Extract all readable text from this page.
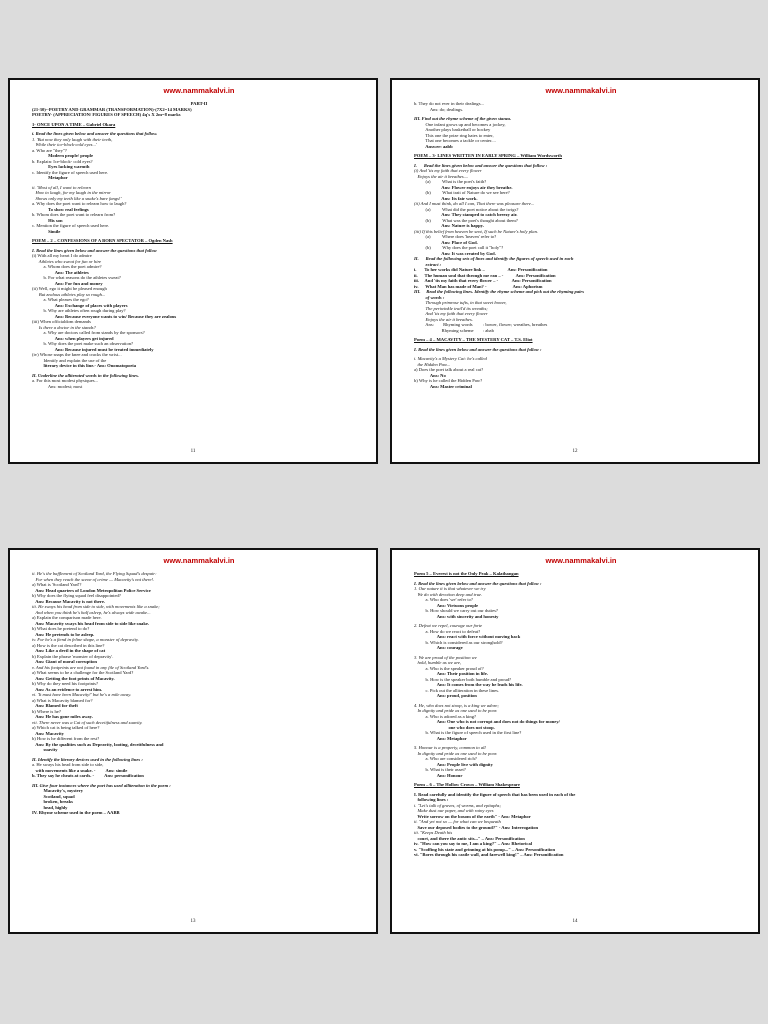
www.nammakalvi.in
PART-II
(21-30)--POETRY AND GRAMMAR (TRANSFORMATION)-(7X2=14 MARKS)
POETRY- (APPRECIATION/ FIGURES OF SPEECH) 4q's X 2m=8 marks
1- ONCE UPON A TIME – Gabriel Okara
i. Read the lines given below and answer the questions that follow.
1. 'But now they only laugh with their teeth,
While their ice-block-cold eyes...'
a. Who are "they"?
Modern people/ people
b. Explain: Ice-block- cold eyes?
Eyes lacking warmth
c. Identify the figure of speech used here.
Metaphor
ii. 'Most of all, I want to relearn
How to laugh, for my laugh in the mirror
Shows only my teeth like a snake's bare fangs!'
a. Why does the poet want to relearn how to laugh?
To show real feelings
b. Whom does the poet want to relearn from?
His son
c. Mention the figure of speech used here.
Simile
POEM – 2 – CONFESSIONS OF A BORN SPECTATOR – Ogden Nash
I. Read the lines given below and answer the questions that follow
(i) With all my heart I do admire
Athletes who sweat for fun or hire
a. Whom does the poet admire?
Ans: The athletes
b. For what reasons do the athletes sweat?
Ans: For fun and money
(ii) Well, ego it might be pleased enough
But zealous athletes play so rough...
a. What pleases the ego?
Ans: Exchange of places with players
b. Why are athletes often rough during play?
Ans: Because everyone wants to win/ Because they are zealous
(iii) When officialdom demands
Is there a doctor in the stands?
a. Why are doctors called from stands by the sponsors?
Ans: when players get injured
b. Why does the poet make such an observation?
Ans: Because injured must be treated immediately
(iv) Whose snaps the knee and cracks the wrist...
Identify and explain the use of the
literary device in this line.- Ans: Onomatopoeia
II. Underline the alliterated words in the following lines.
a. For this most modest physiques...
Ans: modest; most
11
www.nammakalvi.in
b. They do not ever in their dealings...
Ans: do; dealings.
III. Find out the rhyme scheme of the given stanza.
One infant grows up and becomes a jockey,
Another plays basketball or hockey
This one the prize ring hates to enter,
That one becomes a tackle or center....
Answer: aabb
POEM – 3- LINES WRITTEN IN EARLY SPRING – William Wordsworth
I.      Read the lines given below and answer the questions that follow :
(i) And 'tis my faith that every flower
Enjoys the air it breathes....
(a)          What is the poet's faith?
Ans: Flower enjoys air they breathe.
(b)          What trait of Nature do we see here?
Ans: Its fair work.
(ii) And I must think, do all I can, That there was pleasure there...
(a)          What did the poet notice about the twigs?
Ans: They stamped to catch breezy air.
(b)          What was the poet's thought about them?
Ans: Nature is happy.
(iii) If this belief from heaven be sent, If such be Nature's holy plan.
(a)          Where does 'heaven' refer to?
Ans: Place of God.
(b)          Why does the poet call it "holy"?
Ans: It was created by God.
II.      Read the following sets of lines and identify the figures of speech used in each
extract :
i.       To her works did Nature link –                    Ans: Personification
ii.      The human soul that through me ran – -           Ans: Personification
iii.     And 'tis my faith that every flower – -            Ans: Personification
iv.      What Man has made of Man? -                       Ans: Aphorism
III.     Read the following lines. Identify the rhyme scheme and pick out the rhyming pairs
of words :
Through primrose tufts, in that sweet bower,
The periwinkle trail'd its wreaths;
And 'tis my faith that every flower
Enjoys the air it breathes.
Ans:        Rhyming words         : bower, flower; wreathes, breathes
Rhyming scheme        : abab
Poem – 4 – MACAVITY – THE MYSTERY CAT – T.S. Eliot
I. Read the lines given below and answer the questions that follow :
i. Macavity's a Mystery Cat: he's called
the Hidden Paw...
a) Does the poet talk about a real cat?
Ans: No
b) Why is he called the Hidden Paw?
Ans: Master criminal
12
www.nammakalvi.in
ii. He's the bafflement of Scotland Yard, the Flying Squad's despair:
For when they reach the scene of crime — Macavity's not there!.
a) What is 'Scotland Yard'?
Ans: Head quarters of London Metropolitan Police Service
b) Why does the flying squad feel disappointed?
Ans: Because Macavity is not there.
iii. He sways his head from side to side, with movements like a snake;
And when you think he's half asleep, he's always wide awake...
a) Explain the comparison made here.
Ans: Macavity sways his head from side to side like snake.
b) What does he pretend to do?
Ans: He pretends to be asleep.
iv. For he's a fiend in feline shape, a monster of depravity.
a) How is the cat described in this line?
Ans: Like a devil in the shape of cat
b) Explain the phrase 'monster of depravity'.
Ans: Giant of moral corruption
v. And his footprints are not found in any file of Scotland Yard's.
a) What seems to be a challenge for the Scotland Yard?
Ans: Getting the foot prints of Macavity.
b) Why do they need his footprints?
Ans: As an evidence to arrest him.
vi. 'It must have been Macavity!' but he's a mile away.
a) What is Macavity blamed for?
Ans: Blamed for theft
b) Where is he?
Ans: He has gone miles away.
vii. There never was a Cat of such deceitfulness and suavity.
a) Which cat is being talked of here?
Ans: Macavity
b) How is he different from the rest?
Ans: By the qualities such as Depravity, looting, deceitfulness and
suavity
II. Identify the literary devices used in the following lines :
a. He sways his head from side to side,
with movements like a snake. -         Ans: simile
b. They say he cheats at cards. -         Ans: personification
III. Give four instances where the poet has used alliteration in the poem :
Macavity's, mystery
Scotland, squad
broken, breaks
head, highly
IV. Rhyme scheme used in the poem – AABB
13
www.nammakalvi.in
Poem 5 – Everest is not the Only Peak – Kalathangan
I. Read the lines given below and answer the questions that follow :
1. Our nature it is that whatever we try
We do with devotion deep and true.
a. Who does 'we' refer to?
Ans: Virtuous people
b. How should we carry out our duties?
Ans: with sincerity and honesty
2. Defeat we repel, courage our forte
a. How do we react to defeat?
Ans: react with force without moving back
b. Which is considered as our stronghold?
Ans: courage
3. We are proud of the position we
hold, humble as we are,
a. Who is the speaker proud of?
Ans: Their position in life.
b. How is the speaker both humble and proud?
Ans: It comes from the way he leads his life.
c. Pick out the alliteration in these lines.
Ans: proud, position
4. He, who does not stoop, is a king we adore;
In dignity and pride as one used to be poor.
a. Who is adored as a king?
Ans: One who is not corrupt and does not do things for money/
one who does not stoop.
b. What is the figure of speech used in the first line?
Ans: Metaphor
5. Honour is a property, common to all
In dignity and pride as one used to be poor.
a. Who are considered rich?
Ans: People live with dignity
b. What is their asset?
Ans: Honour
Poem – 6 – The Hollow Crown – William Shakespeare
I. Read carefully and identify the figure of speech that has been used in each of the
following lines :
i. "Let's talk of graves, of worms, and epitaphs;
Make dust our paper, and with rainy eyes
Write sorrow on the bosom of the earth" - Ans: Metaphor
ii. "And yet not so — for what can we bequeath
Save our deposed bodies to the ground?" - Ans: Interrogation
iii. "Keeps Death his
court, and there the antic sits..." – Ans: Personification
iv. "How can you say to me, I am a king?" – Ans: Rhetorical
v. "Scoffing his state and grinning at his pomp..." – Ans: Personification
vi. "Bores through his castle wall, and farewell king!" – Ans: Personification
14
